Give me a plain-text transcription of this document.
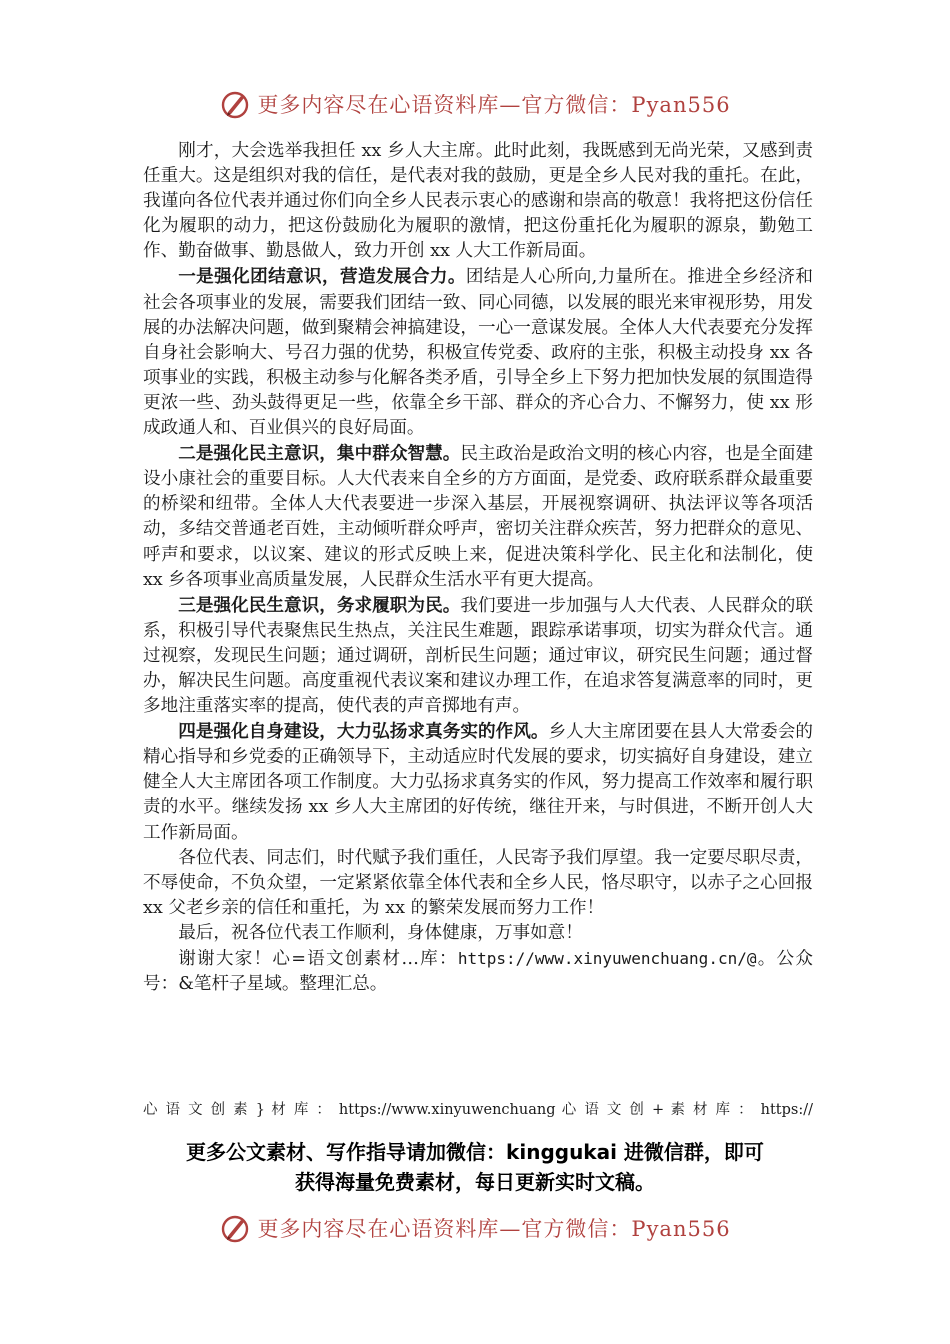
更多内容尽在心语资料库—官方微信：Pyan556

刚才，大会选举我担任 xx 乡人大主席。此时此刻，我既感到无尚光荣，又感到责任重大。这是组织对我的信任，是代表对我的鼓励，更是全乡人民对我的重托。在此，我谨向各位代表并通过你们向全乡人民表示衷心的感谢和崇高的敬意！我将把这份信任化为履职的动力，把这份鼓励化为履职的激情，把这份重托化为履职的源泉，勤勉工作、勤奋做事、勤恳做人，致力开创 xx 人大工作新局面。

一是强化团结意识，营造发展合力。团结是人心所向,力量所在。推进全乡经济和社会各项事业的发展，需要我们团结一致、同心同德，以发展的眼光来审视形势，用发展的办法解决问题，做到聚精会神搞建设，一心一意谋发展。全体人大代表要充分发挥自身社会影响大、号召力强的优势，积极宣传党委、政府的主张，积极主动投身 xx 各项事业的实践，积极主动参与化解各类矛盾，引导全乡上下努力把加快发展的氛围造得更浓一些、劲头鼓得更足一些，依靠全乡干部、群众的齐心合力、不懈努力，使 xx 形成政通人和、百业俱兴的良好局面。

二是强化民主意识，集中群众智慧。民主政治是政治文明的核心内容，也是全面建设小康社会的重要目标。人大代表来自全乡的方方面面，是党委、政府联系群众最重要的桥梁和纽带。全体人大代表要进一步深入基层，开展视察调研、执法评议等各项活动，多结交普通老百姓，主动倾听群众呼声，密切关注群众疾苦，努力把群众的意见、呼声和要求，以议案、建议的形式反映上来，促进决策科学化、民主化和法制化，使 xx 乡各项事业高质量发展，人民群众生活水平有更大提高。

三是强化民生意识，务求履职为民。我们要进一步加强与人大代表、人民群众的联系，积极引导代表聚焦民生热点，关注民生难题，跟踪承诺事项，切实为群众代言。通过视察，发现民生问题；通过调研，剖析民生问题；通过审议，研究民生问题；通过督办，解决民生问题。高度重视代表议案和建议办理工作，在追求答复满意率的同时，更多地注重落实率的提高，使代表的声音掷地有声。

四是强化自身建设，大力弘扬求真务实的作风。乡人大主席团要在县人大常委会的精心指导和乡党委的正确领导下，主动适应时代发展的要求，切实搞好自身建设，建立健全人大主席团各项工作制度。大力弘扬求真务实的作风，努力提高工作效率和履行职责的水平。继续发扬 xx 乡人大主席团的好传统，继往开来，与时俱进，不断开创人大工作新局面。

各位代表、同志们，时代赋予我们重任，人民寄予我们厚望。我一定要尽职尽责，不辱使命，不负众望，一定紧紧依靠全体代表和全乡人民，恪尽职守，以赤子之心回报 xx 父老乡亲的信任和重托，为 xx 的繁荣发展而努力工作！

最后，祝各位代表工作顺利，身体健康，万事如意！

谢谢大家！心=语文创素材…库：https://www.xinyuwenchuang.cn/@。公众号：&笔杆子星域。整理汇总。

心 语 文 创 素 } 材 库 ： https://www.xinyuwenchuang 心 语 文 创 + 素 材 库 ： https://
更多公文素材、写作指导请加微信：kinggukai 进微信群，即可
获得海量免费素材，每日更新实时文稿。
更多内容尽在心语资料库—官方微信：Pyan556
